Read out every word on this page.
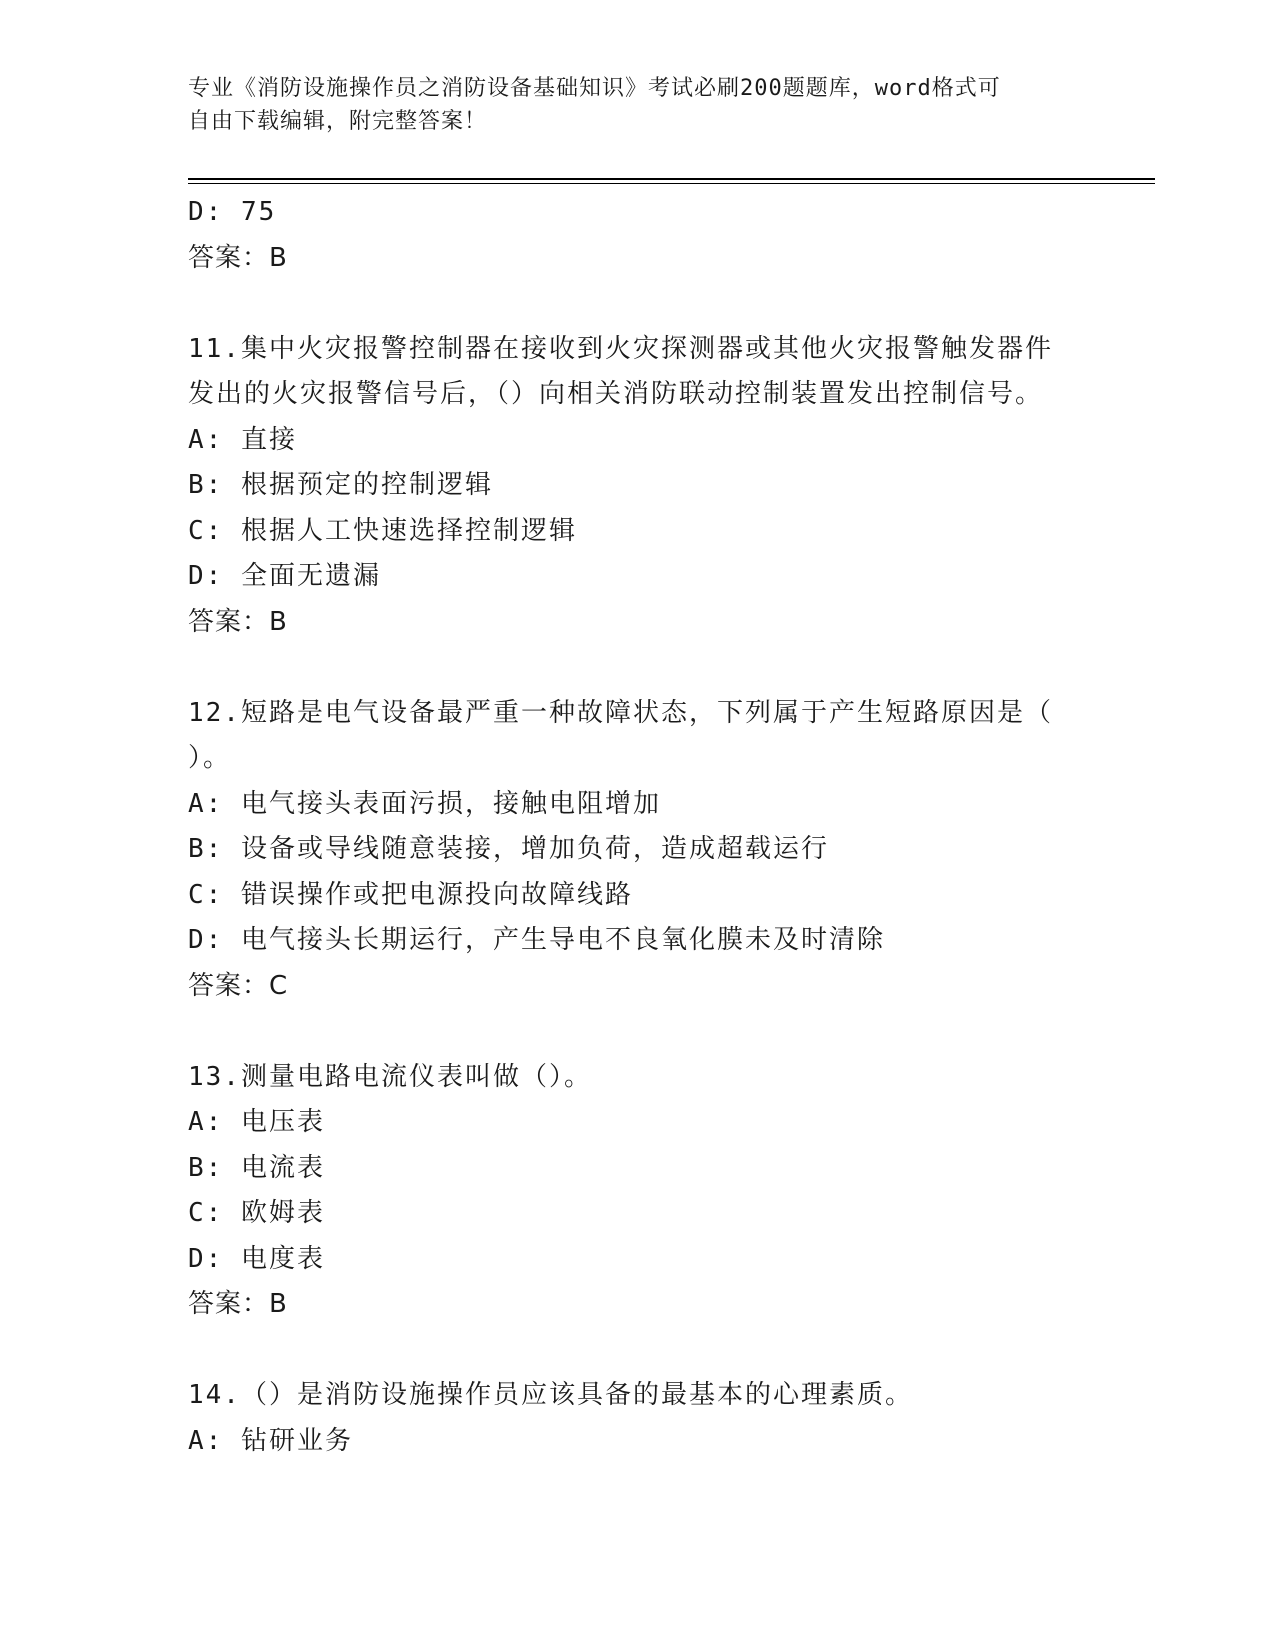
专业《消防设施操作员之消防设备基础知识》考试必刷200题题库，word格式可
自由下载编辑，附完整答案！
D: 75
答案：B
11.集中火灾报警控制器在接收到火灾探测器或其他火灾报警触发器件
发出的火灾报警信号后，（）向相关消防联动控制装置发出控制信号。
A: 直接
B: 根据预定的控制逻辑
C: 根据人工快速选择控制逻辑
D: 全面无遗漏
答案：B
12.短路是电气设备最严重一种故障状态，下列属于产生短路原因是（
）。
A: 电气接头表面污损，接触电阻增加
B: 设备或导线随意装接，增加负荷，造成超载运行
C: 错误操作或把电源投向故障线路
D: 电气接头长期运行，产生导电不良氧化膜未及时清除
答案：C
13.测量电路电流仪表叫做（）。
A: 电压表
B: 电流表
C: 欧姆表
D: 电度表
答案：B
14.（）是消防设施操作员应该具备的最基本的心理素质。
A: 钻研业务
